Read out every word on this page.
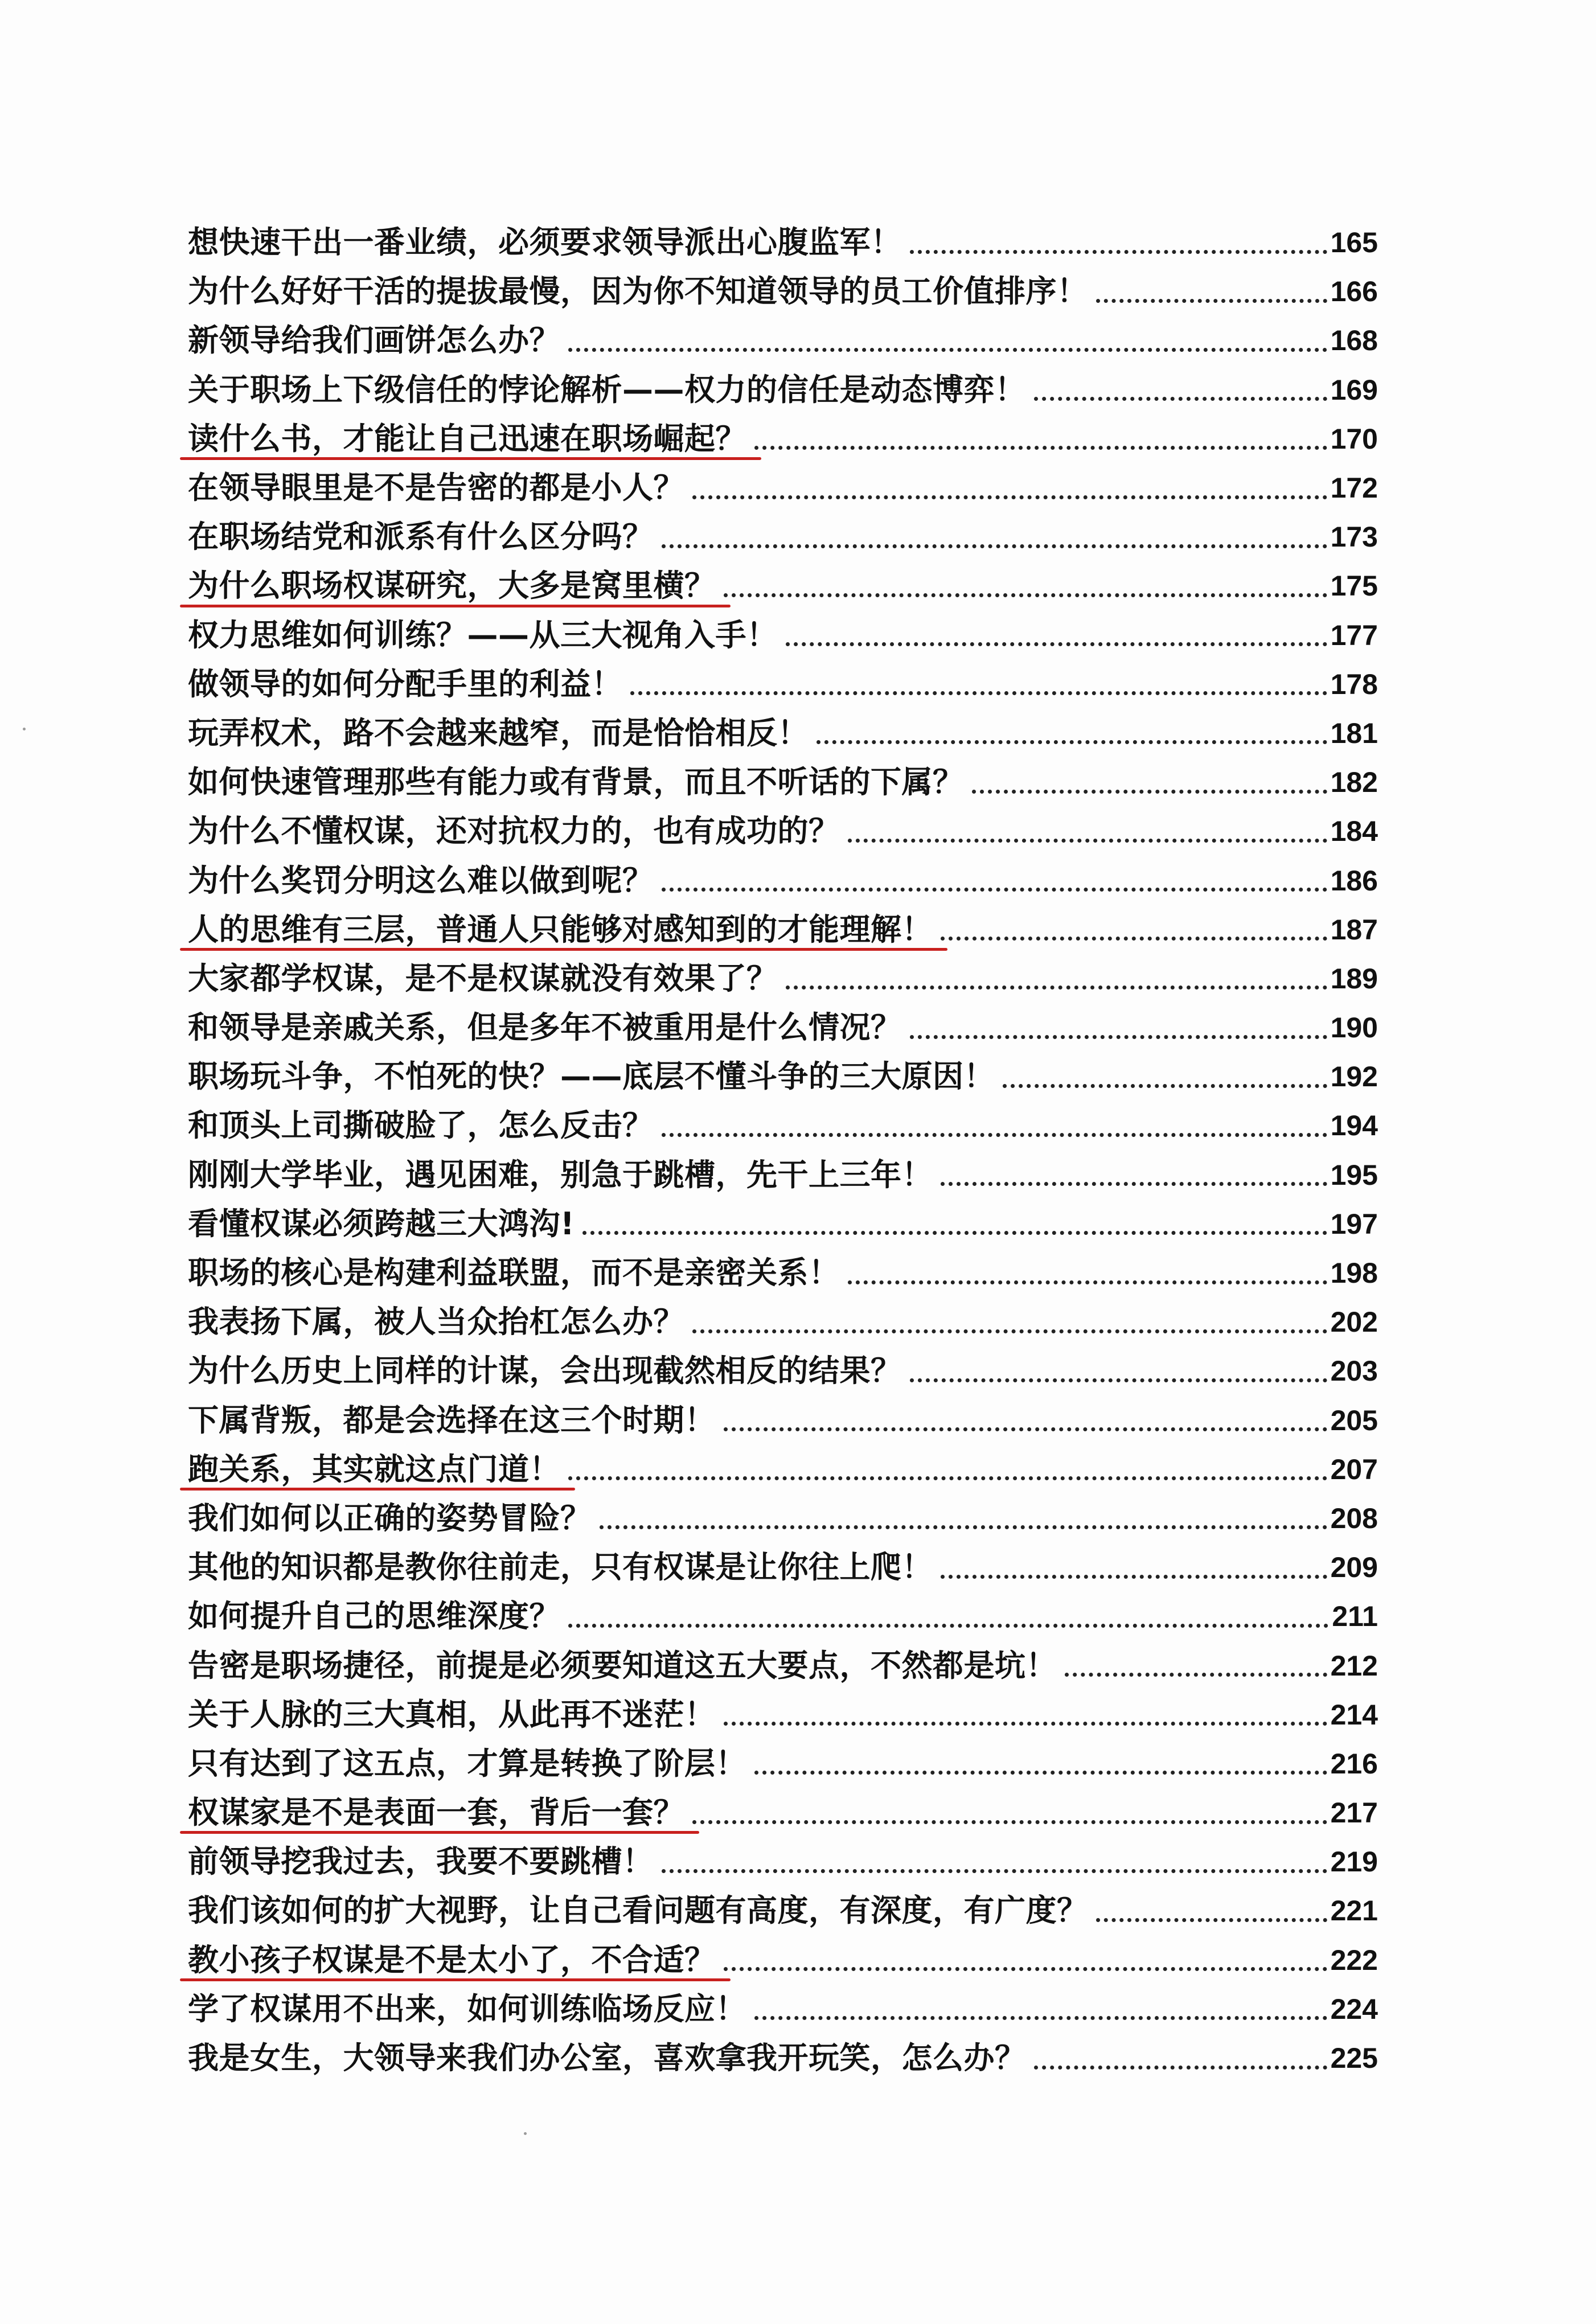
想快速干出一番业绩，必须要求领导派出心腹监军！	165
为什么好好干活的提拔最慢，因为你不知道领导的员工价值排序！	166
新领导给我们画饼怎么办？	168
关于职场上下级信任的悖论解析——权力的信任是动态博弈！	169
读什么书，才能让自己迅速在职场崛起？	170
在领导眼里是不是告密的都是小人？	172
在职场结党和派系有什么区分吗？	173
为什么职场权谋研究，大多是窝里横？	175
权力思维如何训练？——从三大视角入手！	177
做领导的如何分配手里的利益！	178
玩弄权术，路不会越来越窄，而是恰恰相反！	181
如何快速管理那些有能力或有背景，而且不听话的下属？	182
为什么不懂权谋，还对抗权力的，也有成功的？	184
为什么奖罚分明这么难以做到呢？	186
人的思维有三层，普通人只能够对感知到的才能理解！	187
大家都学权谋，是不是权谋就没有效果了？	189
和领导是亲戚关系，但是多年不被重用是什么情况？	190
职场玩斗争，不怕死的快？——底层不懂斗争的三大原因！	192
和顶头上司撕破脸了，怎么反击？	194
刚刚大学毕业，遇见困难，别急于跳槽，先干上三年！	195
看懂权谋必须跨越三大鸿沟!	197
职场的核心是构建利益联盟，而不是亲密关系！	198
我表扬下属，被人当众抬杠怎么办？	202
为什么历史上同样的计谋，会出现截然相反的结果？	203
下属背叛，都是会选择在这三个时期！	205
跑关系，其实就这点门道！	207
我们如何以正确的姿势冒险？	208
其他的知识都是教你往前走，只有权谋是让你往上爬！	209
如何提升自己的思维深度？	211
告密是职场捷径，前提是必须要知道这五大要点，不然都是坑！	212
关于人脉的三大真相，从此再不迷茫！	214
只有达到了这五点，才算是转换了阶层！	216
权谋家是不是表面一套，背后一套？	217
前领导挖我过去，我要不要跳槽！	219
我们该如何的扩大视野，让自己看问题有高度，有深度，有广度？	221
教小孩子权谋是不是太小了，不合适？	222
学了权谋用不出来，如何训练临场反应！	224
我是女生，大领导来我们办公室，喜欢拿我开玩笑，怎么办？	225
